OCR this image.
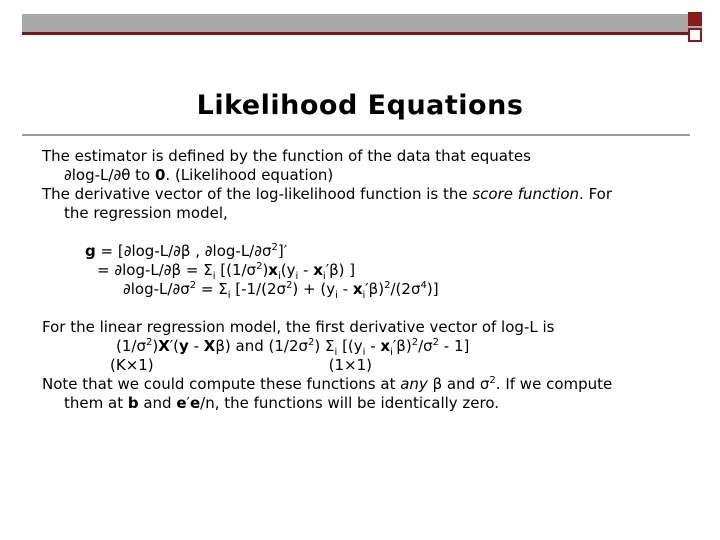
Likelihood Equations
The estimator is defined by the function of the data that equates
∂log-L/∂θ to 0. (Likelihood equation)
The derivative vector of the log-likelihood function is the score function. For
the regression model,
g = [∂log-L/∂β , $\partial\log-L/\partial\sigma^2]'$
= $\partial\log-L/\partial\beta = \Sigma_i$ [$(1/\sigma^2)x_i(y_i - x_i'\beta)$ ]
$\partial\log-L/\partial\sigma^2 = \Sigma_i$ $[-1/(2\sigma^2) + (y_i - x_i'\beta)^2/(2\sigma^4)]$
For the linear regression model, the first derivative vector of log-L is
$(1/\sigma^2)X'(y - X\beta)$ and $(1/2\sigma^2)$ $\Sigma_i$ $[(y_i - x_i'\beta)^2/\sigma^2 - 1]$
(K×1)	(1×1)
Note that we could compute these functions at any β and $\sigma^2$. If we compute
them at b and e′e/n, the functions will be identically zero.
